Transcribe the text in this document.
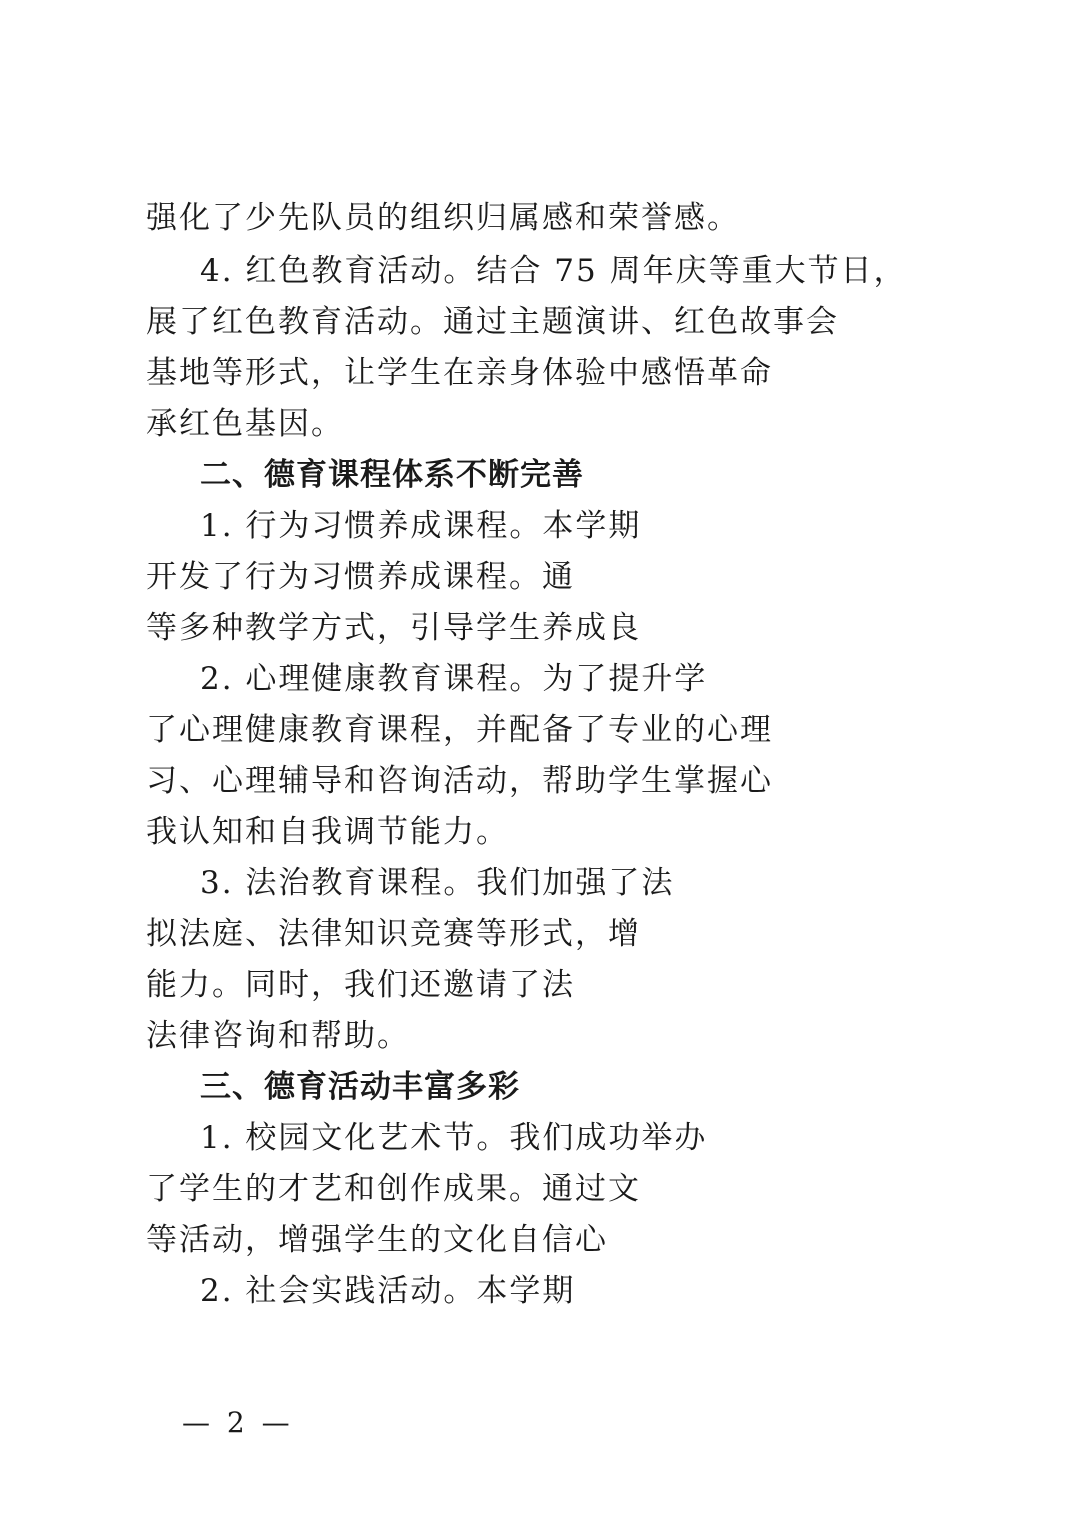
强化了少先队员的组织归属感和荣誉感。
4. 红色教育活动。结合 75 周年庆等重大节日，
展了红色教育活动。通过主题演讲、红色故事会
基地等形式，让学生在亲身体验中感悟革命
承红色基因。
二、德育课程体系不断完善
1. 行为习惯养成课程。本学期
开发了行为习惯养成课程。通
等多种教学方式，引导学生养成良
2. 心理健康教育课程。为了提升学
了心理健康教育课程，并配备了专业的心理
习、心理辅导和咨询活动，帮助学生掌握心
我认知和自我调节能力。
3. 法治教育课程。我们加强了法
拟法庭、法律知识竞赛等形式，增
能力。同时，我们还邀请了法
法律咨询和帮助。
三、德育活动丰富多彩
1. 校园文化艺术节。我们成功举办
了学生的才艺和创作成果。通过文
等活动，增强学生的文化自信心
2. 社会实践活动。本学期
— 2 —
